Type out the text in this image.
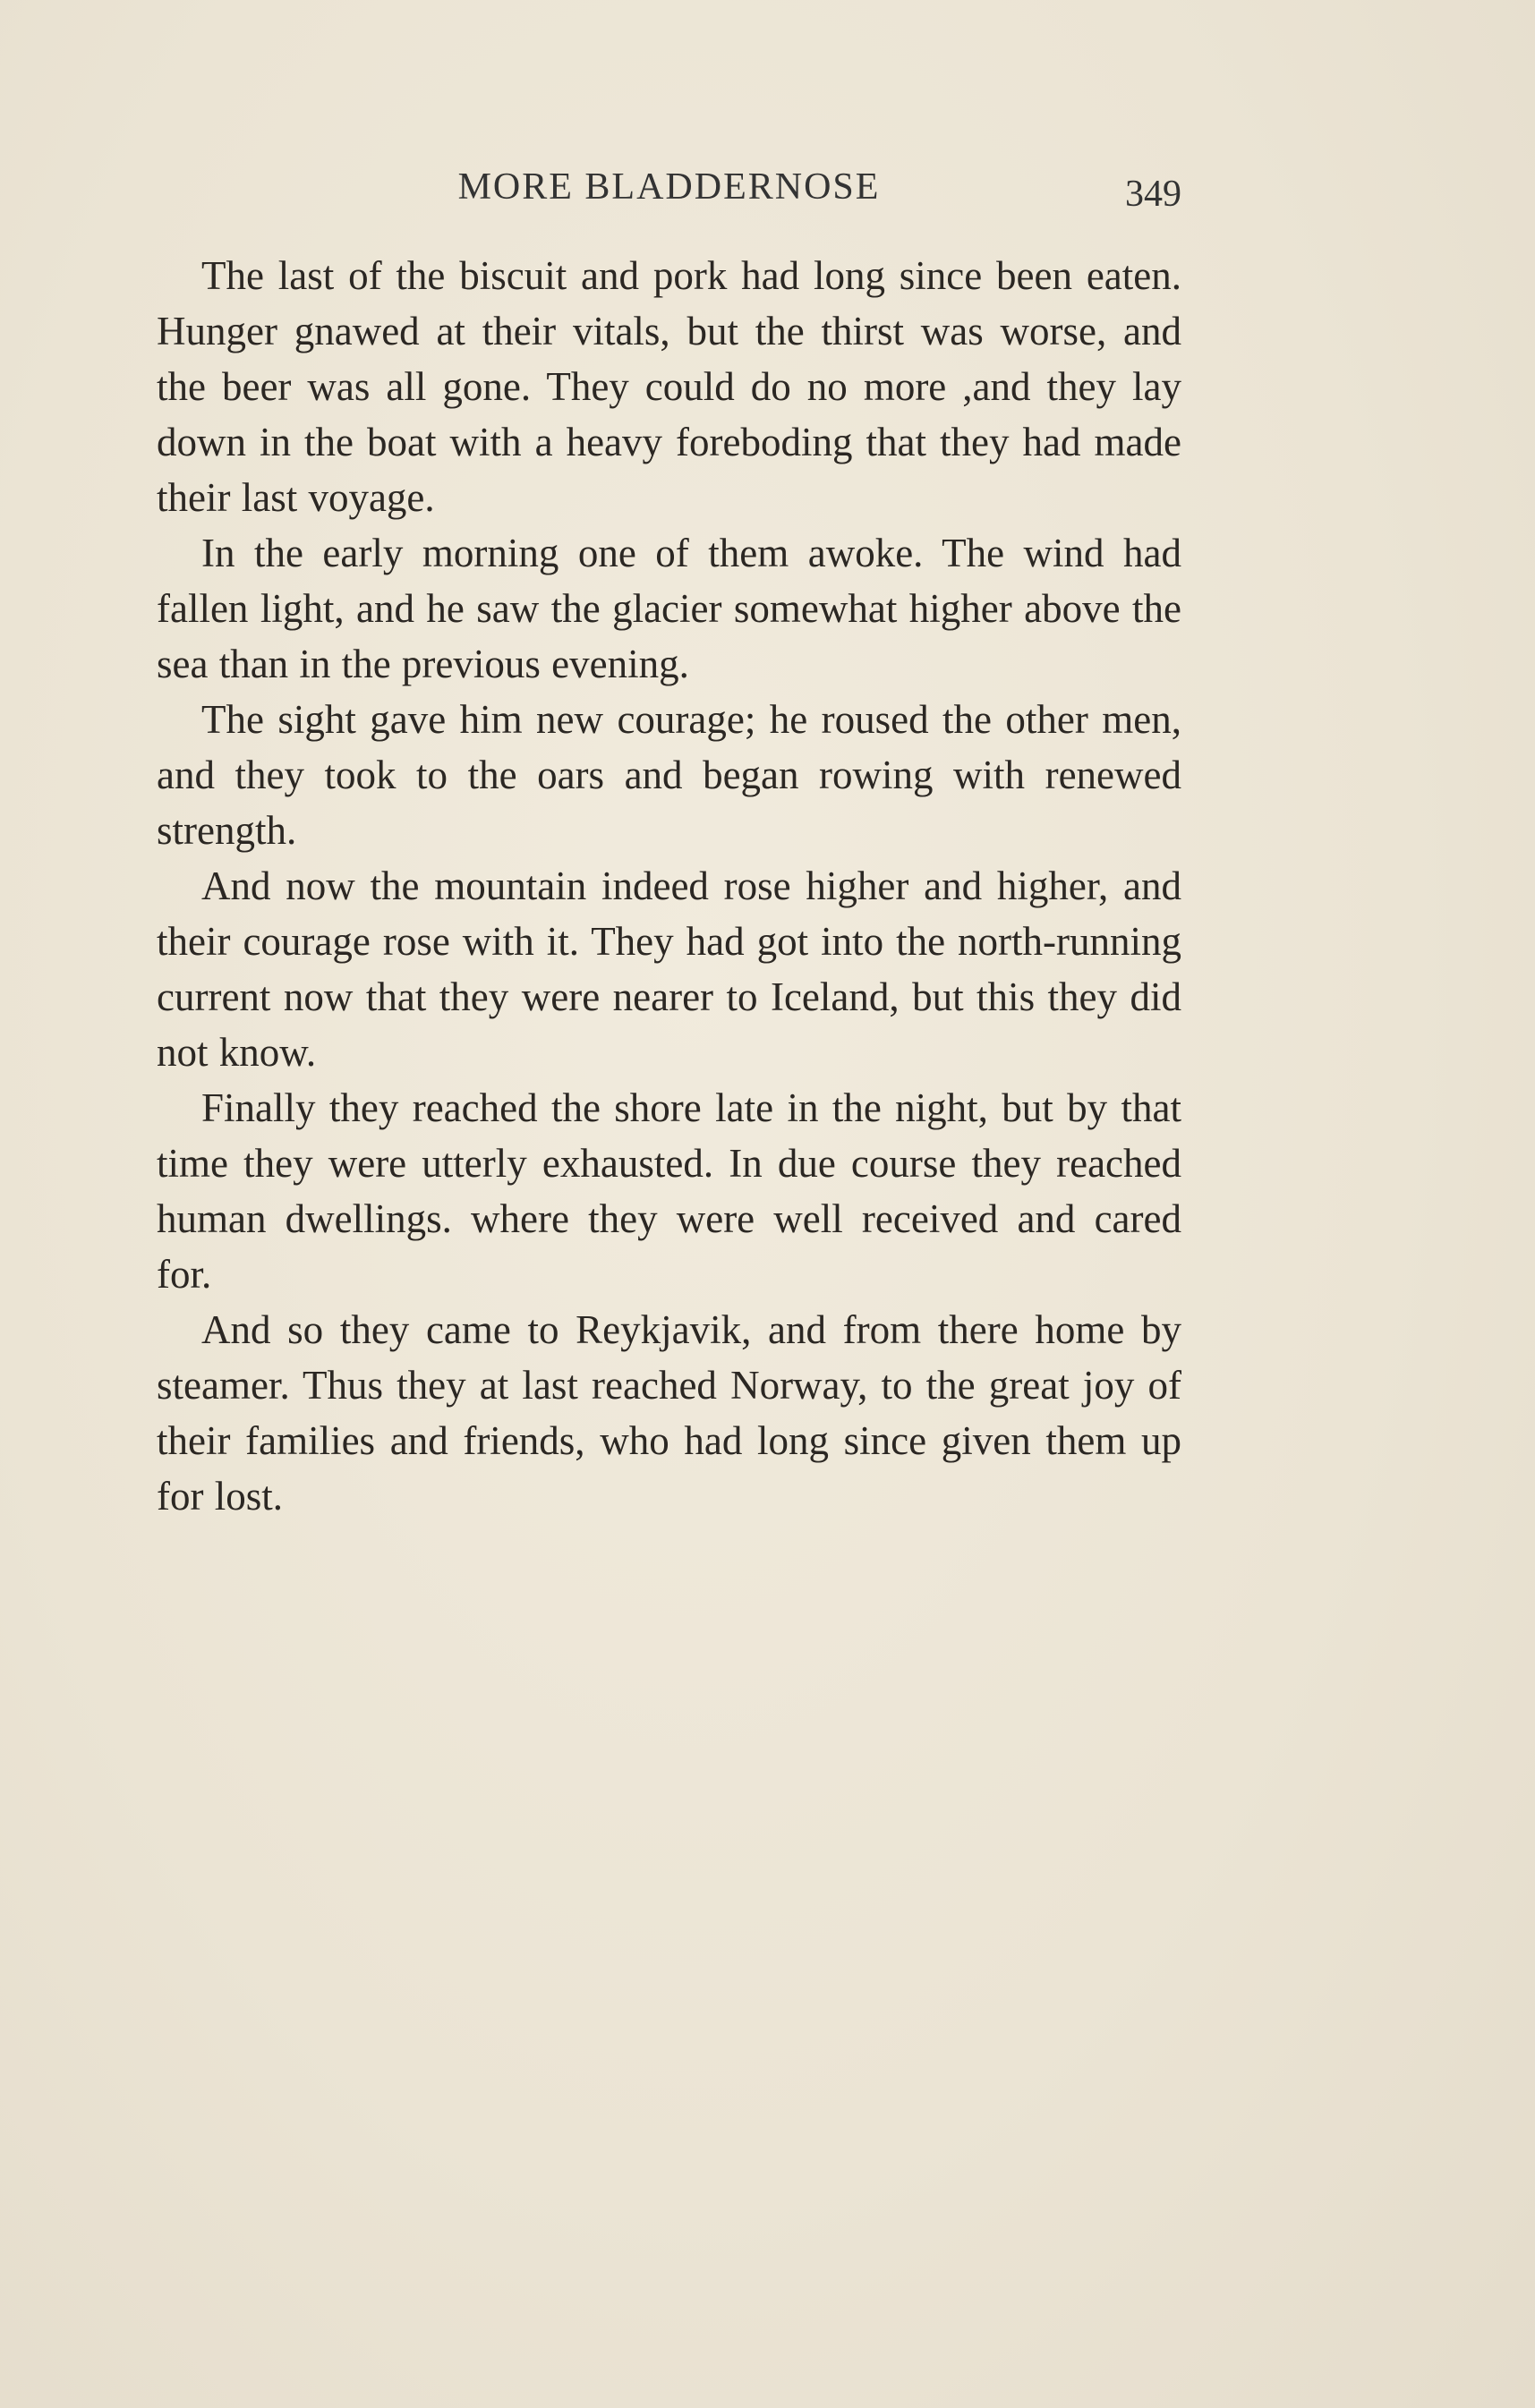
MORE BLADDERNOSE	349

The last of the biscuit and pork had long since been eaten. Hunger gnawed at their vitals, but the thirst was worse, and the beer was all gone. They could do no more ,and they lay down in the boat with a heavy foreboding that they had made their last voyage.

In the early morning one of them awoke. The wind had fallen light, and he saw the glacier somewhat higher above the sea than in the previous evening.

The sight gave him new courage; he roused the other men, and they took to the oars and began rowing with renewed strength.

And now the mountain indeed rose higher and higher, and their courage rose with it. They had got into the north-running current now that they were nearer to Iceland, but this they did not know.

Finally they reached the shore late in the night, but by that time they were utterly exhausted. In due course they reached human dwellings. where they were well received and cared for.

And so they came to Reykjavik, and from there home by steamer. Thus they at last reached Norway, to the great joy of their families and friends, who had long since given them up for lost.
